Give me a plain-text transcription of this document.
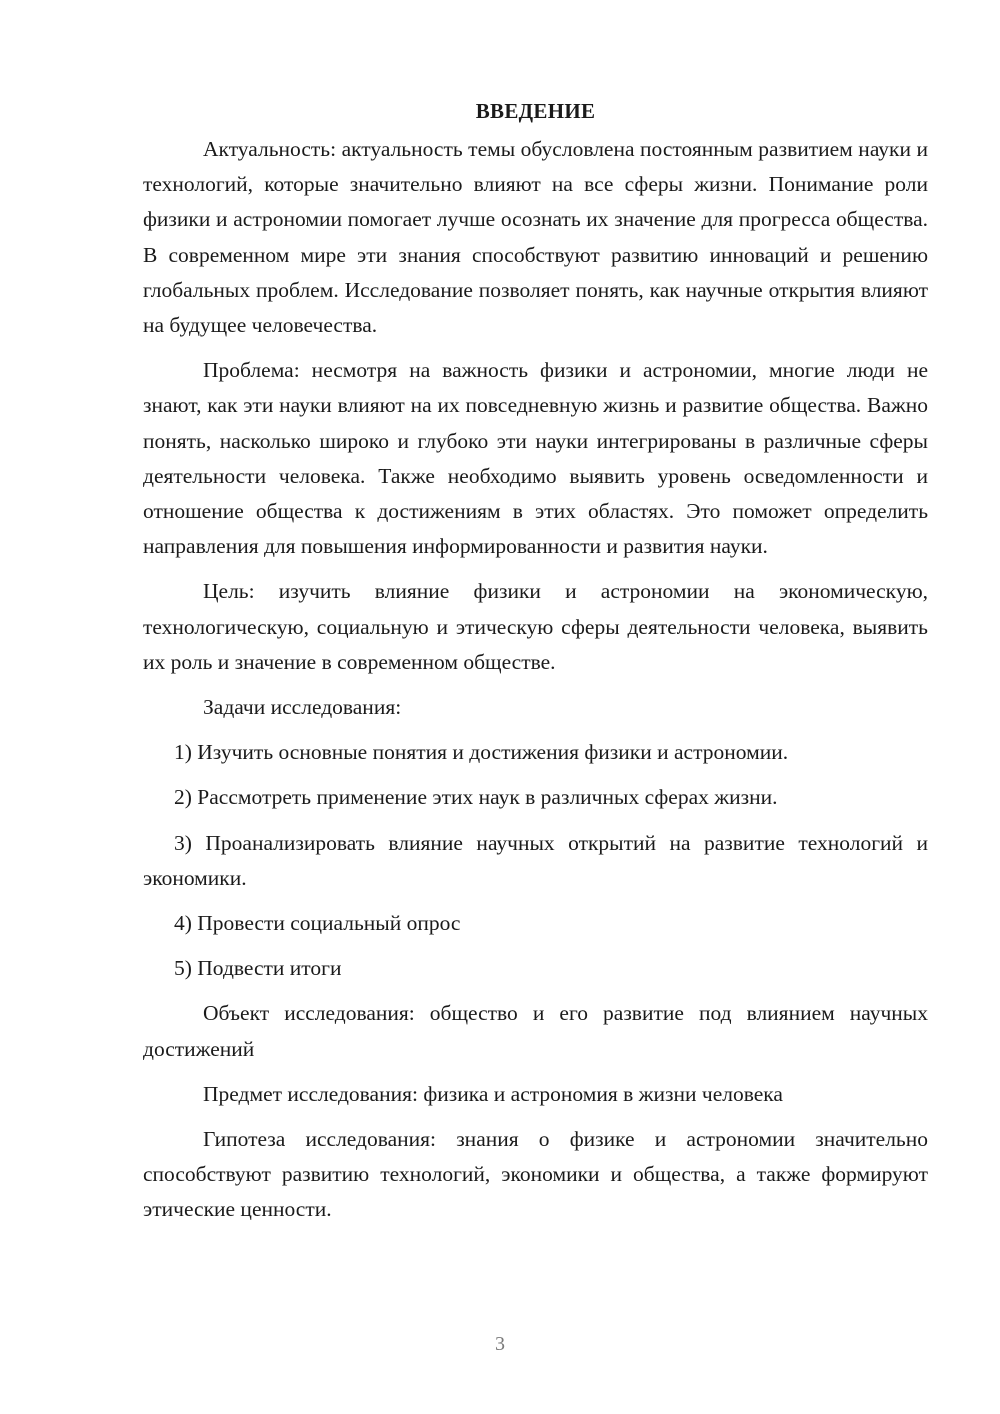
ВВЕДЕНИЕ

Актуальность: актуальность темы обусловлена постоянным развитием науки и технологий, которые значительно влияют на все сферы жизни. Понимание роли физики и астрономии помогает лучше осознать их значение для прогресса общества. В современном мире эти знания способствуют развитию инноваций и решению глобальных проблем. Исследование позволяет понять, как научные открытия влияют на будущее человечества.

Проблема: несмотря на важность физики и астрономии, многие люди не знают, как эти науки влияют на их повседневную жизнь и развитие общества. Важно понять, насколько широко и глубоко эти науки интегрированы в различные сферы деятельности человека. Также необходимо выявить уровень осведомленности и отношение общества к достижениям в этих областях. Это поможет определить направления для повышения информированности и развития науки.

Цель: изучить влияние физики и астрономии на экономическую, технологическую, социальную и этическую сферы деятельности человека, выявить их роль и значение в современном обществе.

Задачи исследования:

1) Изучить основные понятия и достижения физики и астрономии.

2) Рассмотреть применение этих наук в различных сферах жизни.

3) Проанализировать влияние научных открытий на развитие технологий и экономики.

4) Провести социальный опрос

5) Подвести итоги

Объект исследования: общество и его развитие под влиянием научных достижений

Предмет исследования: физика и астрономия в жизни человека

Гипотеза исследования: знания о физике и астрономии значительно способствуют развитию технологий, экономики и общества, а также формируют этические ценности.

3
